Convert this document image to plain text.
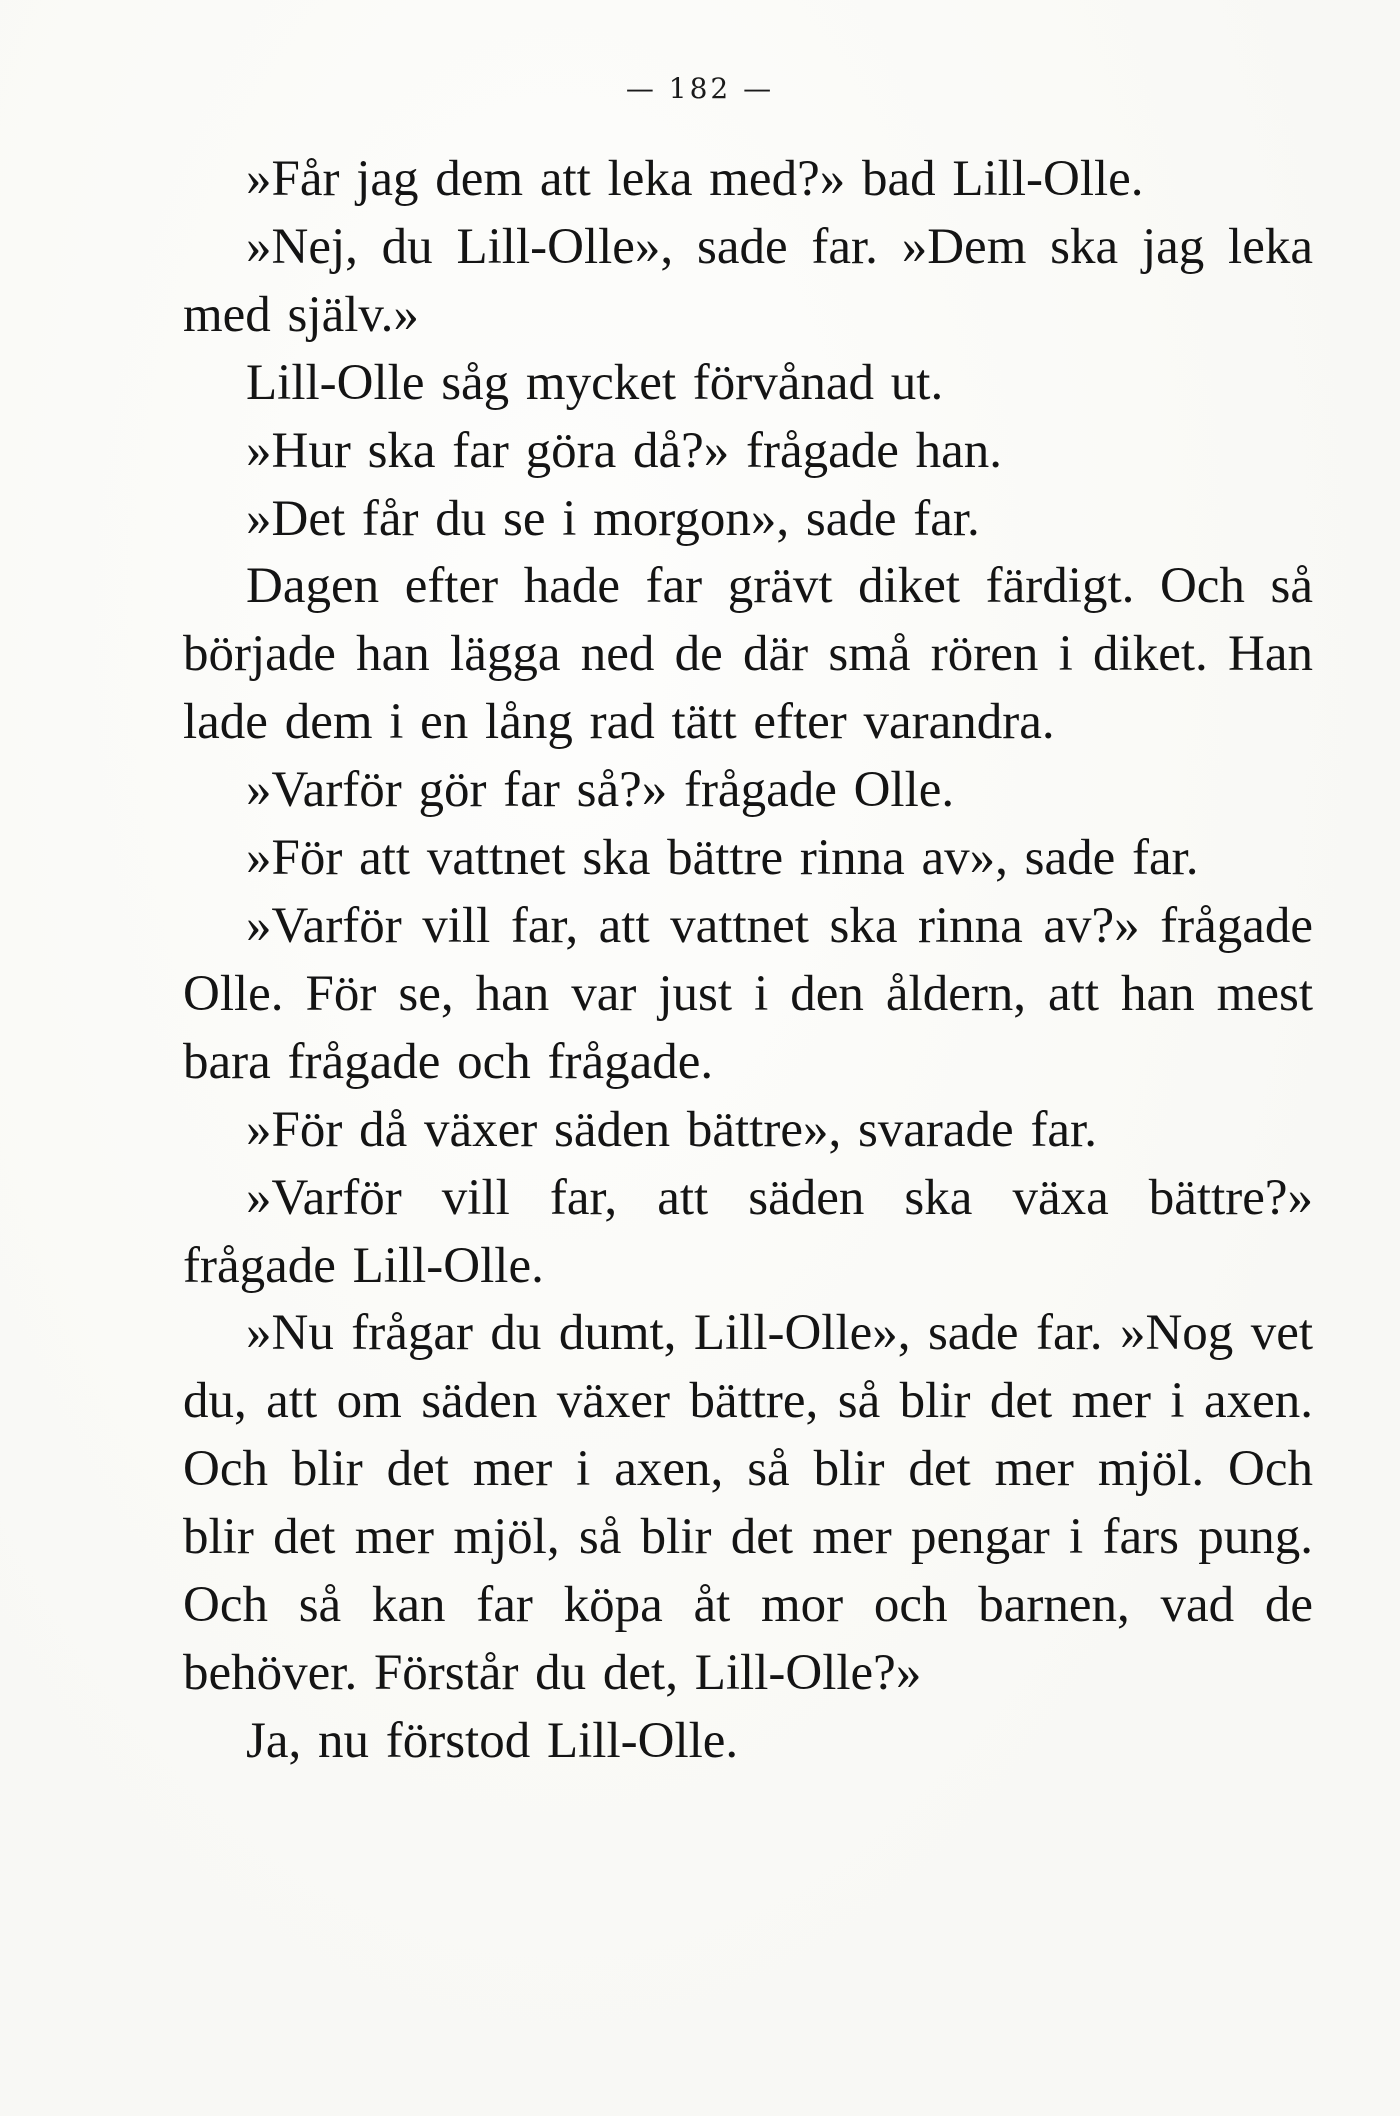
— 182 —

»Får jag dem att leka med?» bad Lill-Olle.

»Nej, du Lill-Olle», sade far. »Dem ska jag leka med själv.»

Lill-Olle såg mycket förvånad ut.

»Hur ska far göra då?» frågade han.

»Det får du se i morgon», sade far.

Dagen efter hade far grävt diket färdigt. Och så började han lägga ned de där små rören i diket. Han lade dem i en lång rad tätt efter varandra.

»Varför gör far så?» frågade Olle.

»För att vattnet ska bättre rinna av», sade far.

»Varför vill far, att vattnet ska rinna av?» frågade Olle. För se, han var just i den åldern, att han mest bara frågade och frågade.

»För då växer säden bättre», svarade far.

»Varför vill far, att säden ska växa bättre?» frågade Lill-Olle.

»Nu frågar du dumt, Lill-Olle», sade far. »Nog vet du, att om säden växer bättre, så blir det mer i axen. Och blir det mer i axen, så blir det mer mjöl. Och blir det mer mjöl, så blir det mer pengar i fars pung. Och så kan far köpa åt mor och barnen, vad de behöver. Förstår du det, Lill-Olle?»

Ja, nu förstod Lill-Olle.
